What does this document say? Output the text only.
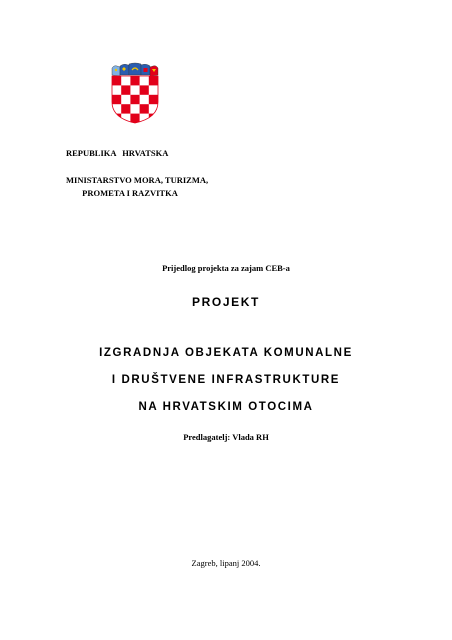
REPUBLIKA HRVATSKA
MINISTARSTVO MORA, TURIZMA,
PROMETA I RAZVITKA
Prijedlog projekta za zajam CEB-a
PROJEKT
IZGRADNJA OBJEKATA KOMUNALNE
I DRUŠTVENE INFRASTRUKTURE
NA HRVATSKIM OTOCIMA
Predlagatelj: Vlada RH
Zagreb, lipanj 2004.
